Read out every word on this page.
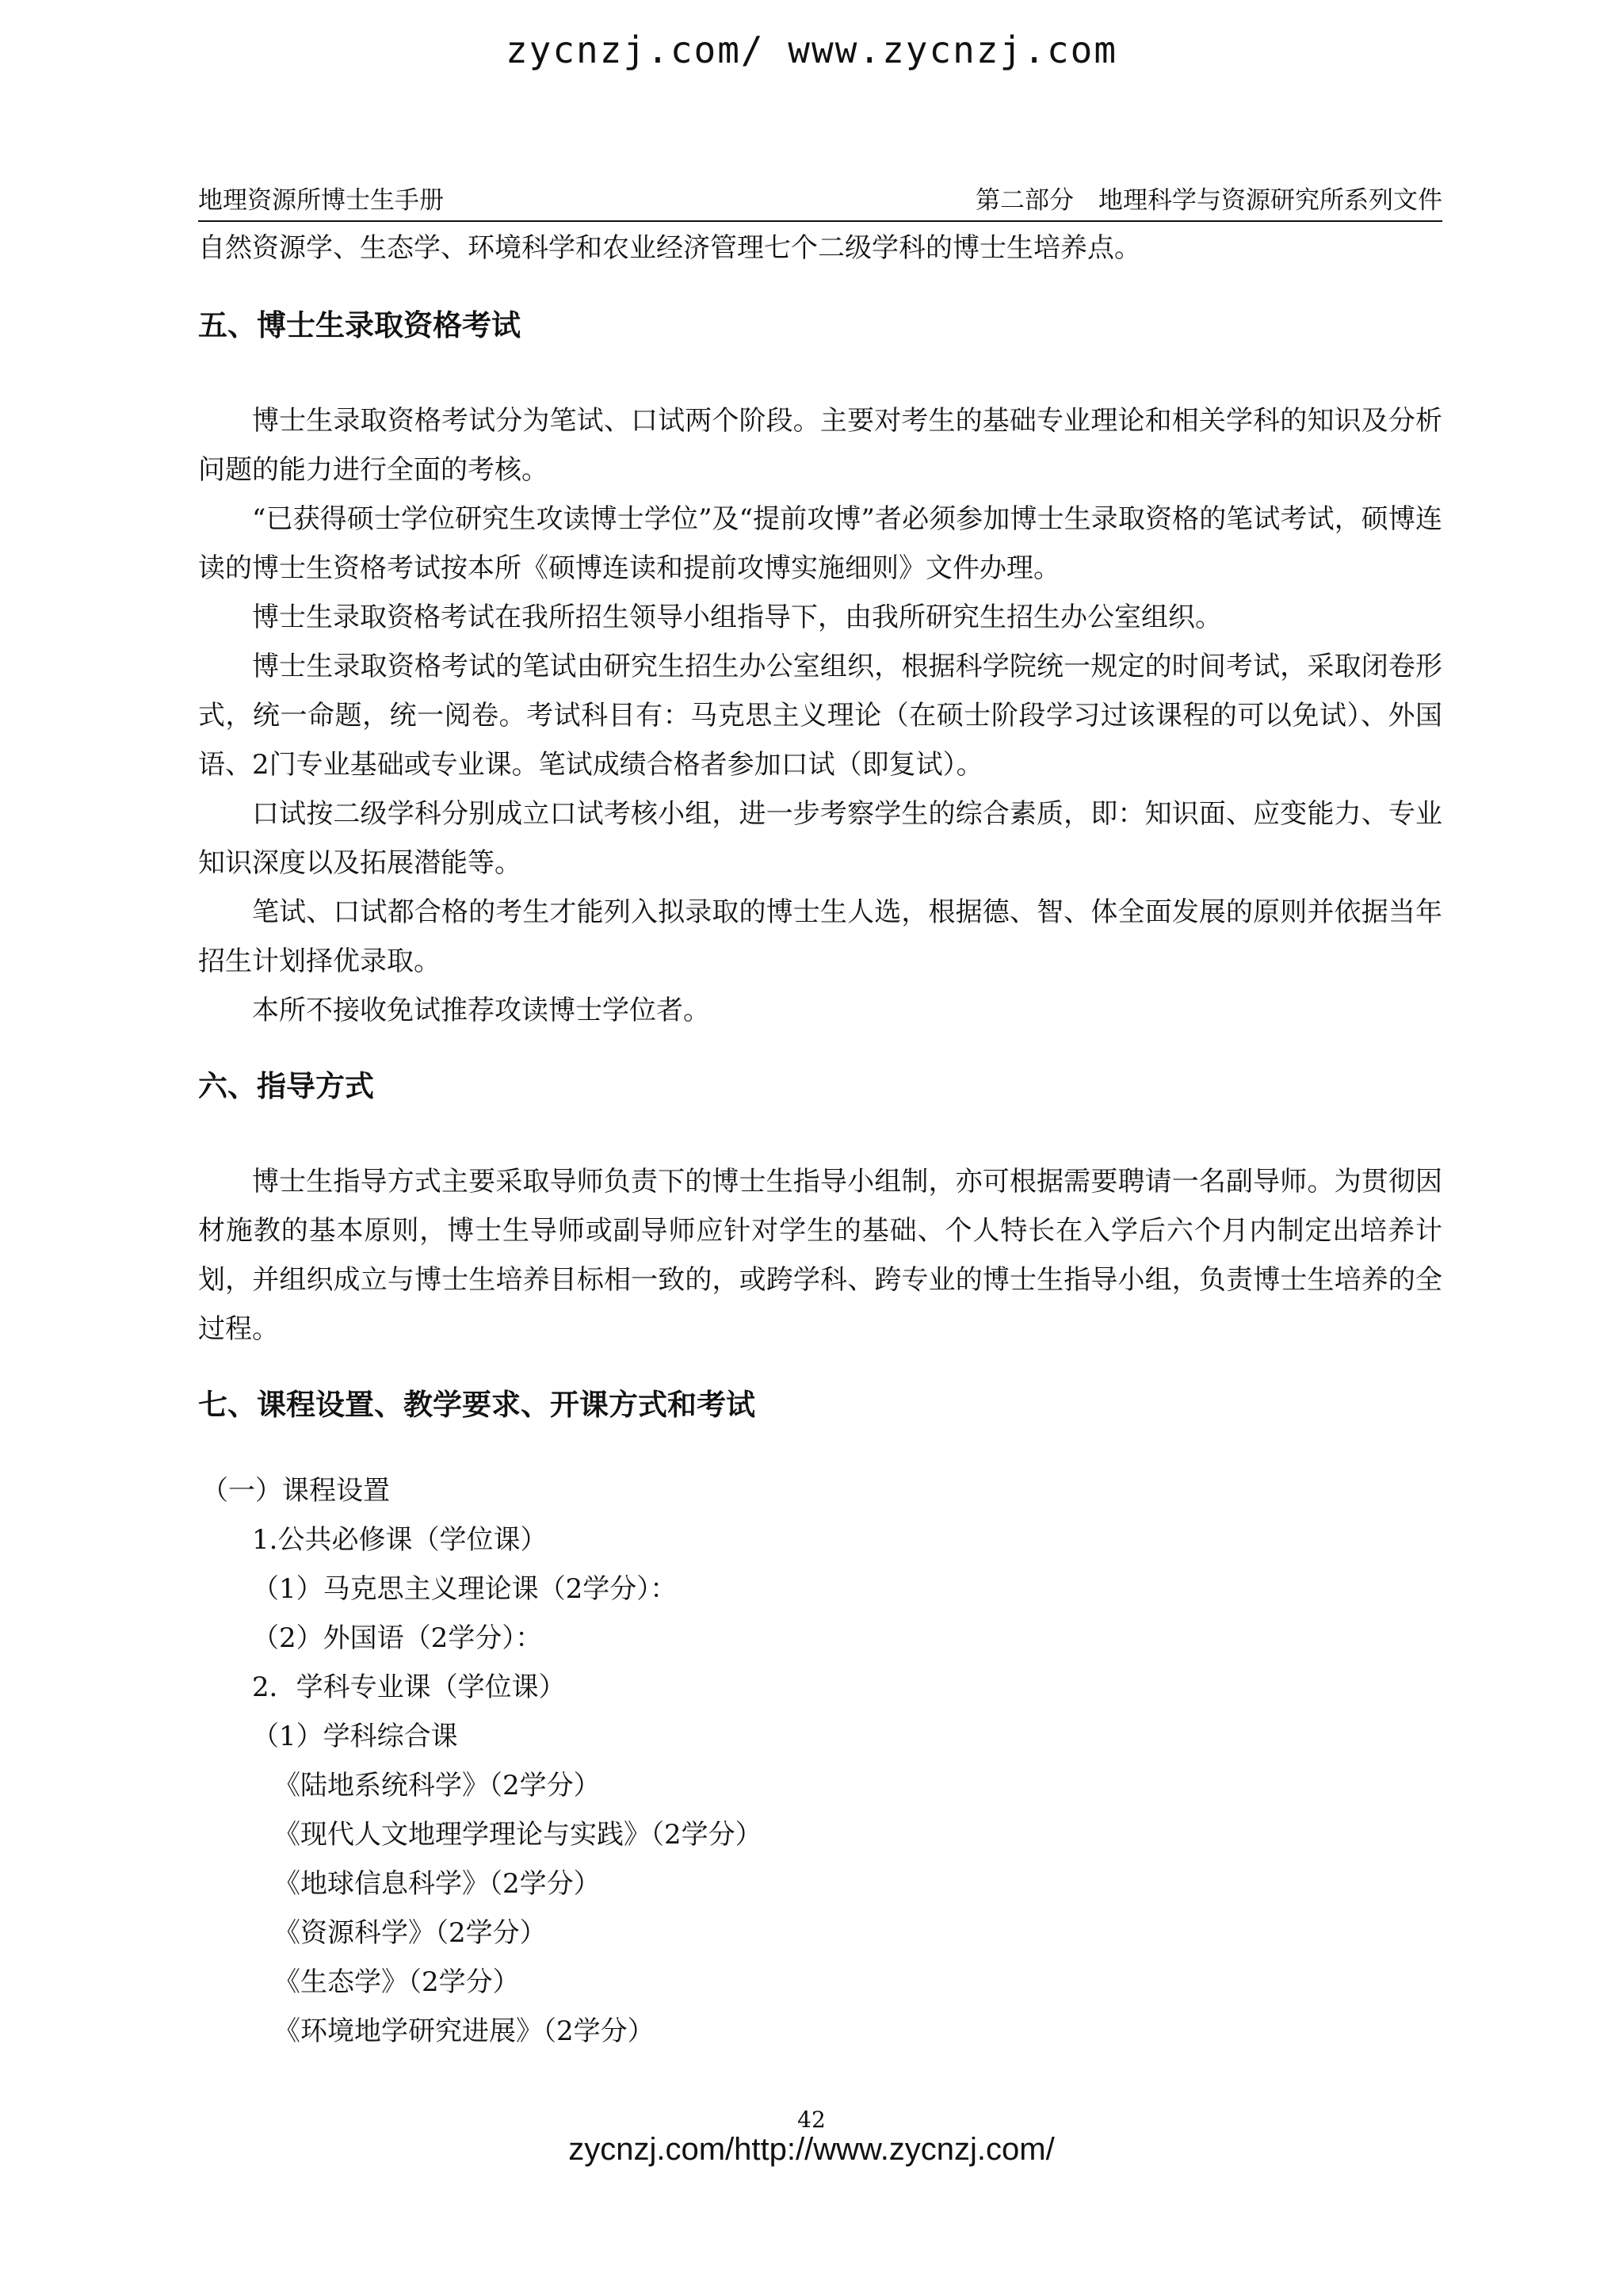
zycnzj.com/ www.zycnzj.com
地理资源所博士生手册	第二部分　地理科学与资源研究所系列文件

自然资源学、生态学、环境科学和农业经济管理七个二级学科的博士生培养点。

五、博士生录取资格考试

博士生录取资格考试分为笔试、口试两个阶段。主要对考生的基础专业理论和相关学科的知识及分析问题的能力进行全面的考核。

“已获得硕士学位研究生攻读博士学位”及“提前攻博”者必须参加博士生录取资格的笔试考试，硕博连读的博士生资格考试按本所《硕博连读和提前攻博实施细则》文件办理。

博士生录取资格考试在我所招生领导小组指导下，由我所研究生招生办公室组织。

博士生录取资格考试的笔试由研究生招生办公室组织，根据科学院统一规定的时间考试，采取闭卷形式，统一命题，统一阅卷。考试科目有：马克思主义理论（在硕士阶段学习过该课程的可以免试）、外国语、2门专业基础或专业课。笔试成绩合格者参加口试（即复试）。

口试按二级学科分别成立口试考核小组，进一步考察学生的综合素质，即：知识面、应变能力、专业知识深度以及拓展潜能等。

笔试、口试都合格的考生才能列入拟录取的博士生人选，根据德、智、体全面发展的原则并依据当年招生计划择优录取。

本所不接收免试推荐攻读博士学位者。

六、指导方式

博士生指导方式主要采取导师负责下的博士生指导小组制，亦可根据需要聘请一名副导师。为贯彻因材施教的基本原则，博士生导师或副导师应针对学生的基础、个人特长在入学后六个月内制定出培养计划，并组织成立与博士生培养目标相一致的，或跨学科、跨专业的博士生指导小组，负责博士生培养的全过程。

七、课程设置、教学要求、开课方式和考试

（一）课程设置

1.公共必修课（学位课）

（1）马克思主义理论课（2学分）：

（2）外国语（2学分）：

2．学科专业课（学位课）

（1）学科综合课

《陆地系统科学》（2学分）

《现代人文地理学理论与实践》（2学分）

《地球信息科学》（2学分）

《资源科学》（2学分）

《生态学》（2学分）

《环境地学研究进展》（2学分）

42
zycnzj.com/http://www.zycnzj.com/
